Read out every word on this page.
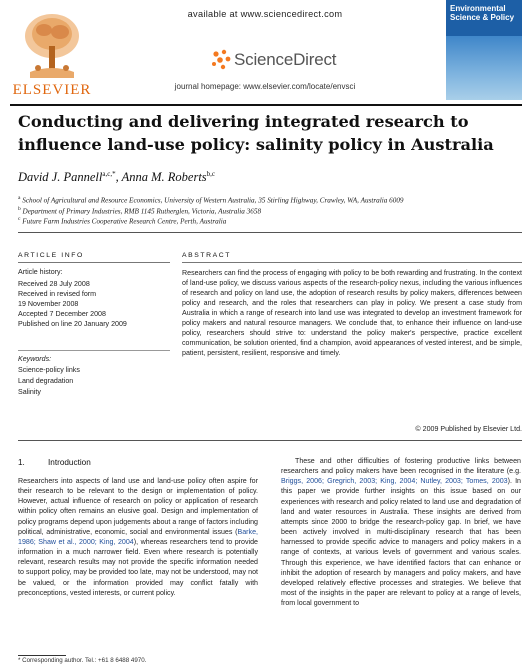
ELSEVIER
available at www.sciencedirect.com
ScienceDirect
journal homepage: www.elsevier.com/locate/envsci
Environmental Science & Policy
Conducting and delivering integrated research to influence land-use policy: salinity policy in Australia
David J. Pannell$^{a,c,*}$, Anna M. Roberts$^{b,c}$
$^a$ School of Agricultural and Resource Economics, University of Western Australia, 35 Stirling Highway, Crawley, WA, Australia 6009
$^b$ Department of Primary Industries, RMB 1145 Rutherglen, Victoria, Australia 3658
$^c$ Future Farm Industries Cooperative Research Centre, Perth, Australia
ARTICLE INFO
Article history:
Received 28 July 2008
Received in revised form
19 November 2008
Accepted 7 December 2008
Published on line 20 January 2009
Keywords:
Science-policy links
Land degradation
Salinity
ABSTRACT
Researchers can find the process of engaging with policy to be both rewarding and frustrating. In the context of land-use policy, we discuss various aspects of the research-policy nexus, including the various influences of research and policy on land use, the adoption of research results by policy makers, differences between policy and research, and the roles that researchers can play in policy. We present a case study from Australia in which a range of research into land use was integrated to develop an investment framework for policy makers and natural resource managers. We conclude that, to enhance their influence on land-use policy, researchers should strive to: understand the policy maker's perspective, practice excellent communication, be solution oriented, find a champion, avoid appearances of vested interest, and be simple, patient, persistent, resilient, responsive and timely.
© 2009 Published by Elsevier Ltd.
1.	Introduction
Researchers into aspects of land use and land-use policy often aspire for their research to be relevant to the design or implementation of policy. However, actual influence of research on policy or application of research within policy often remains an elusive goal. Design and implementation of policy programs depend upon judgements about a range of factors including political, administrative, economic, social and environmental issues (Barke, 1986; Shaw et al., 2000; King, 2004), whereas researchers tend to provide information in a much narrower field. Even where research is potentially relevant, research results may not provide the specific information needed to support policy, may be provided too late, may not be understood, may not be valued, or the information provided may conflict fatally with preconceptions, vested interests, or current policy.
These and other difficulties of fostering productive links between researchers and policy makers have been recognised in the literature (e.g. Briggs, 2006; Gregrich, 2003; King, 2004; Nutley, 2003; Tomes, 2003). In this paper we provide further insights on this issue based on our experiences with research and policy related to land use and degradation of land and water resources in Australia. These insights are derived from attempts since 2000 to bridge the research-policy gap. In brief, we have been actively involved in multi-disciplinary research that has been harnessed to provide specific advice to managers and policy makers in a range of contexts, at various levels of government and various scales. Through this experience, we have identified factors that can enhance or inhibit the adoption of research by managers and policy makers, and have developed relatively effective processes and strategies. We believe that most of the insights in the paper are relevant to policy at a range of levels, from local government to
* Corresponding author. Tel.: +61 8 6488 4970.
